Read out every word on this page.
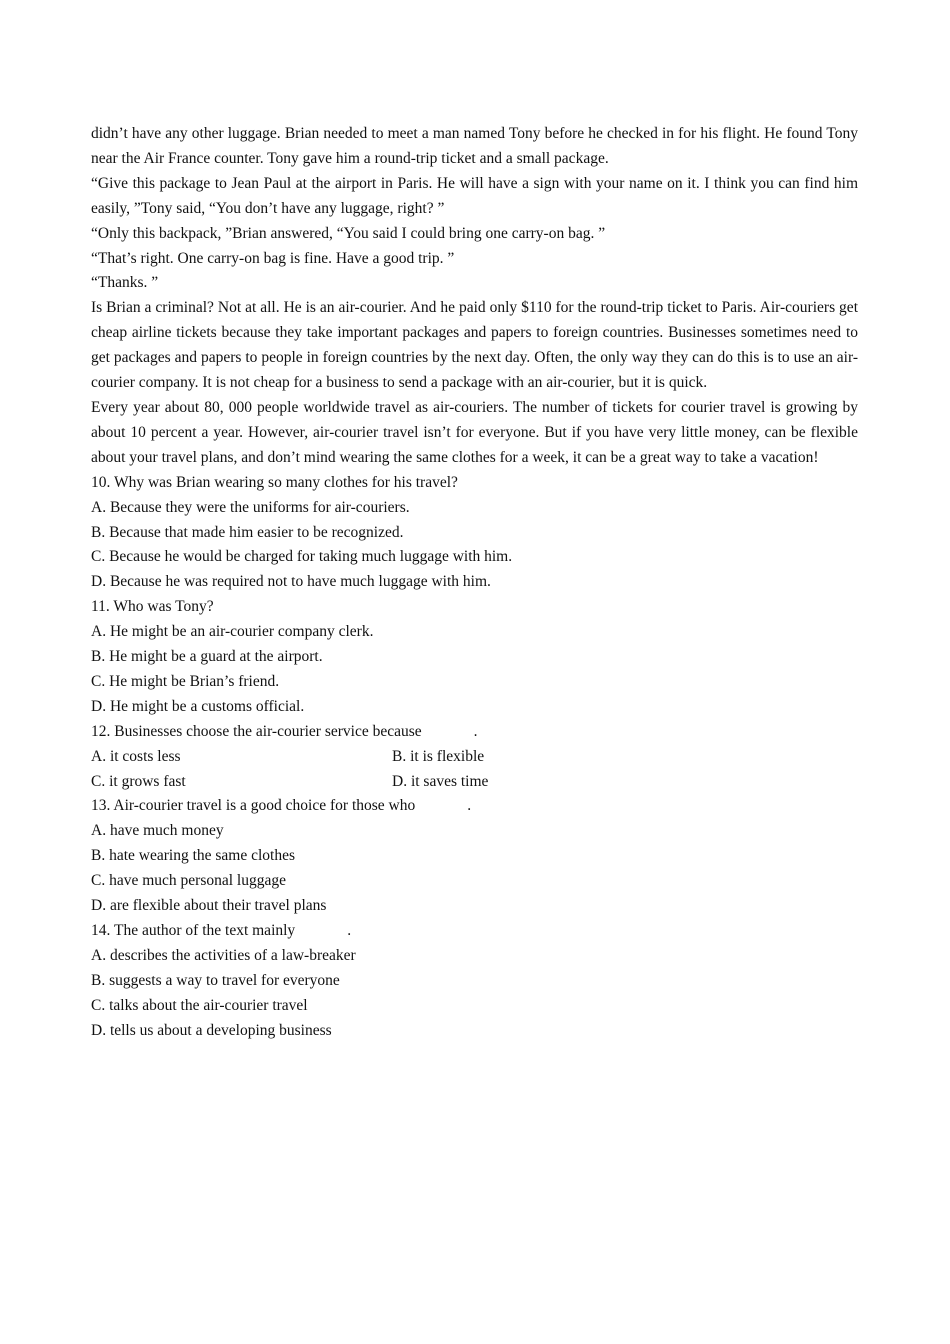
didn’t have any other luggage. Brian needed to meet a man named Tony before he checked in for his flight. He found Tony near the Air France counter. Tony gave him a round-trip ticket and a small package.

“Give this package to Jean Paul at the airport in Paris. He will have a sign with your name on it. I think you can find him easily, ”Tony said, “You don’t have any luggage, right? ”

“Only this backpack, ”Brian answered, “You said I could bring one carry-on bag. ”

“That’s right. One carry-on bag is fine. Have a good trip. ”

“Thanks. ”

Is Brian a criminal? Not at all. He is an air-courier. And he paid only $110 for the round-trip ticket to Paris. Air-couriers get cheap airline tickets because they take important packages and papers to foreign countries. Businesses sometimes need to get packages and papers to people in foreign countries by the next day. Often, the only way they can do this is to use an air-courier company. It is not cheap for a business to send a package with an air-courier, but it is quick.

Every year about 80, 000 people worldwide travel as air-couriers. The number of tickets for courier travel is growing by about 10 percent a year. However, air-courier travel isn’t for everyone. But if you have very little money, can be flexible about your travel plans, and don’t mind wearing the same clothes for a week, it can be a great way to take a vacation!

10. Why was Brian wearing so many clothes for his travel?

A. Because they were the uniforms for air-couriers.

B. Because that made him easier to be recognized.

C. Because he would be charged for taking much luggage with him.

D. Because he was required not to have much luggage with him.

11. Who was Tony?

A. He might be an air-courier company clerk.

B. He might be a guard at the airport.

C. He might be Brian’s friend.

D. He might be a customs official.

12. Businesses choose the air-courier service because	.

A. it costs less	B. it is flexible
C. it grows fast	D. it saves time

13. Air-courier travel is a good choice for those who	.

A. have much money

B. hate wearing the same clothes

C. have much personal luggage

D. are flexible about their travel plans

14. The author of the text mainly	.

A. describes the activities of a law-breaker

B. suggests a way to travel for everyone

C. talks about the air-courier travel

D. tells us about a developing business
